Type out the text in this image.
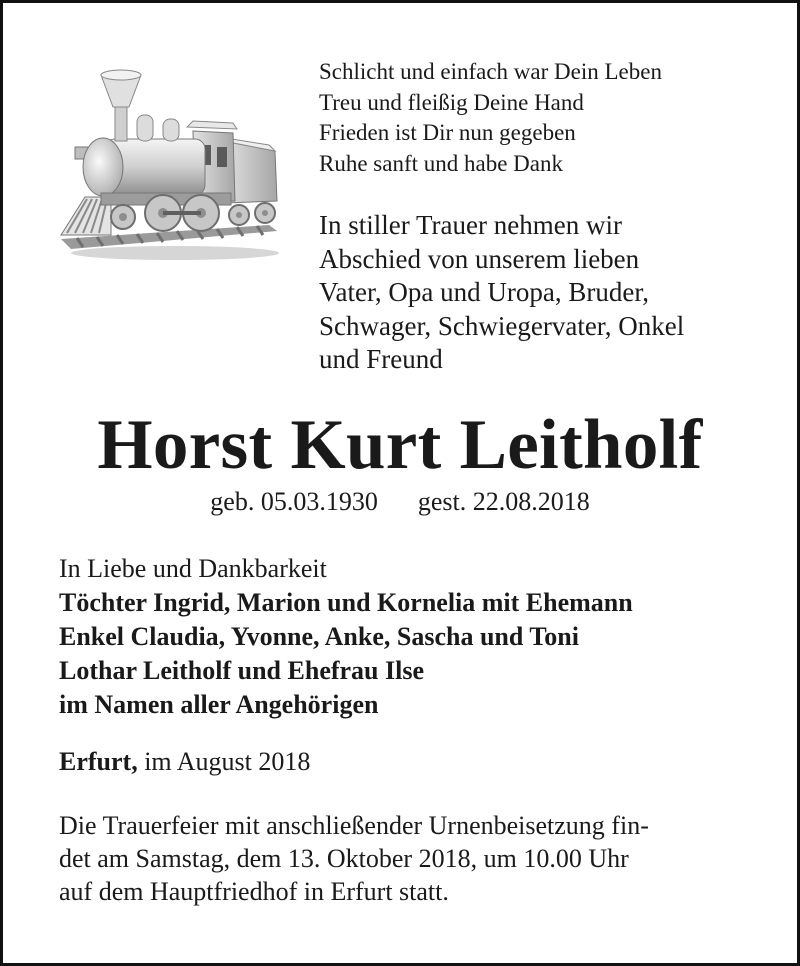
Schlicht und einfach war Dein Leben
Treu und fleißig Deine Hand
Frieden ist Dir nun gegeben
Ruhe sanft und habe Dank
In stiller Trauer nehmen wir
Abschied von unserem lieben
Vater, Opa und Uropa, Bruder,
Schwager, Schwiegervater, Onkel
und Freund
Horst Kurt Leitholf
geb. 05.03.1930 gest. 22.08.2018
In Liebe und Dankbarkeit
Töchter Ingrid, Marion und Kornelia mit Ehemann
Enkel Claudia, Yvonne, Anke, Sascha und Toni
Lothar Leitholf und Ehefrau Ilse
im Namen aller Angehörigen
Erfurt, im August 2018
Die Trauerfeier mit anschließender Urnenbeisetzung fin-
det am Samstag, dem 13. Oktober 2018, um 10.00 Uhr
auf dem Hauptfriedhof in Erfurt statt.
